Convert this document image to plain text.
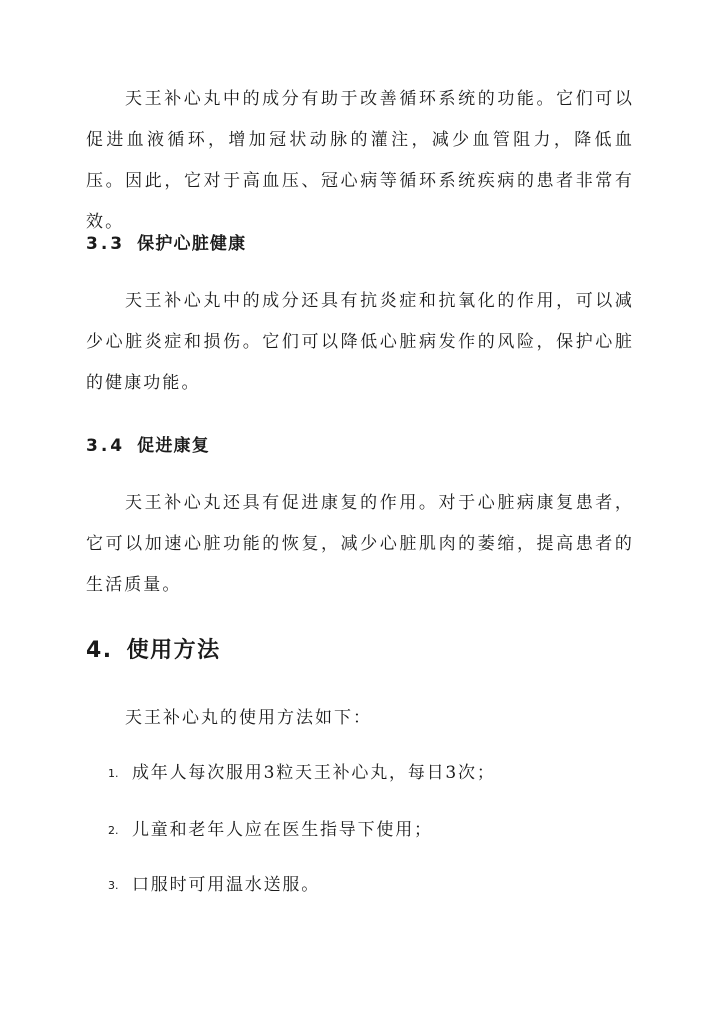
天王补心丸中的成分有助于改善循环系统的功能。它们可以促进血液循环，增加冠状动脉的灌注，减少血管阻力，降低血压。因此，它对于高血压、冠心病等循环系统疾病的患者非常有效。

3.3 保护心脏健康

天王补心丸中的成分还具有抗炎症和抗氧化的作用，可以减少心脏炎症和损伤。它们可以降低心脏病发作的风险，保护心脏的健康功能。

3.4 促进康复

天王补心丸还具有促进康复的作用。对于心脏病康复患者，它可以加速心脏功能的恢复，减少心脏肌肉的萎缩，提高患者的生活质量。

4. 使用方法

天王补心丸的使用方法如下：

1. 成年人每次服用3粒天王补心丸，每日3次；

2. 儿童和老年人应在医生指导下使用；

3. 口服时可用温水送服。
